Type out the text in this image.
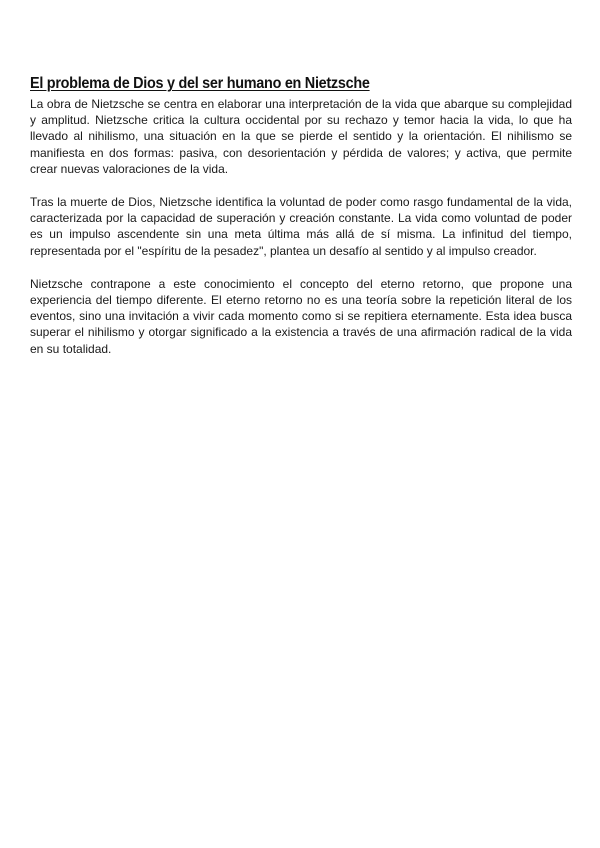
El problema de Dios y del ser humano en Nietzsche

La obra de Nietzsche se centra en elaborar una interpretación de la vida que abarque su complejidad y amplitud. Nietzsche critica la cultura occidental por su rechazo y temor hacia la vida, lo que ha llevado al nihilismo, una situación en la que se pierde el sentido y la orientación. El nihilismo se manifiesta en dos formas: pasiva, con desorientación y pérdida de valores; y activa, que permite crear nuevas valoraciones de la vida.

Tras la muerte de Dios, Nietzsche identifica la voluntad de poder como rasgo fundamental de la vida, caracterizada por la capacidad de superación y creación constante. La vida como voluntad de poder es un impulso ascendente sin una meta última más allá de sí misma. La infinitud del tiempo, representada por el "espíritu de la pesadez", plantea un desafío al sentido y al impulso creador.

Nietzsche contrapone a este conocimiento el concepto del eterno retorno, que propone una experiencia del tiempo diferente. El eterno retorno no es una teoría sobre la repetición literal de los eventos, sino una invitación a vivir cada momento como si se repitiera eternamente. Esta idea busca superar el nihilismo y otorgar significado a la existencia a través de una afirmación radical de la vida en su totalidad.
